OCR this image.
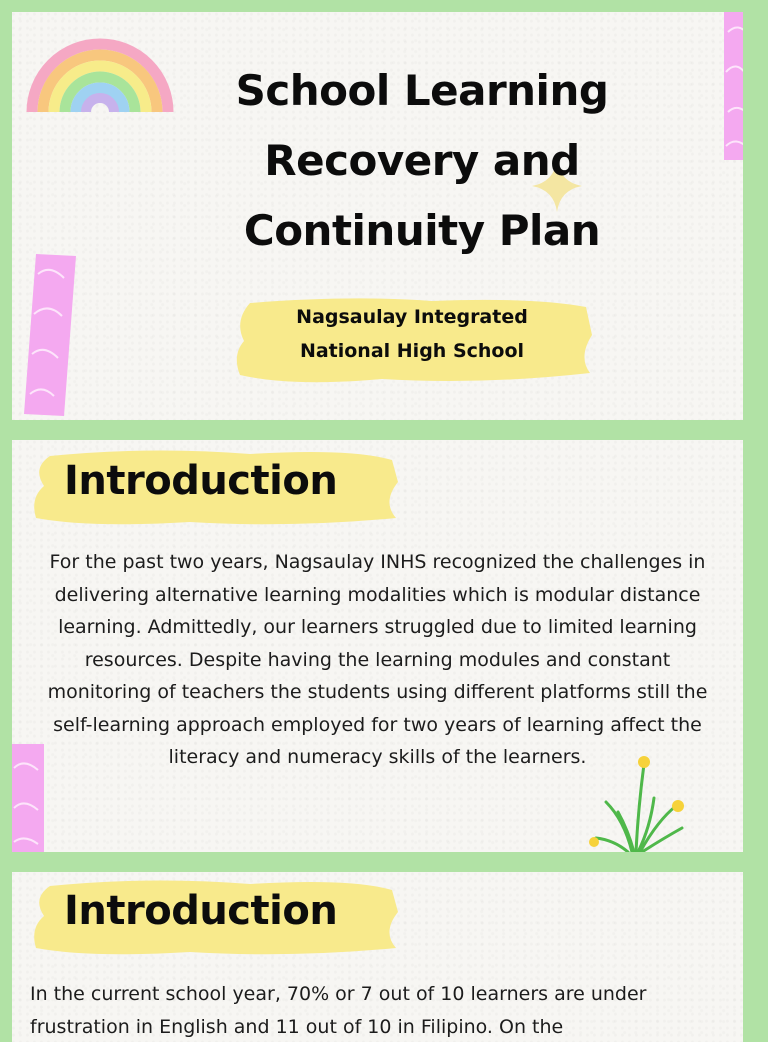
School Learning
Recovery and
Continuity Plan
Nagsaulay Integrated
National High School
Introduction

For the past two years, Nagsaulay INHS recognized the challenges in delivering alternative learning modalities which is modular distance learning. Admittedly, our learners struggled due to limited learning resources. Despite having the learning modules and constant monitoring of teachers the students using different platforms still the self-learning approach employed for two years of learning affect the literacy and numeracy skills of the learners.

Introduction

In the current school year, 70% or 7 out of 10 learners are under frustration in English and 11 out of 10 in Filipino. On the
